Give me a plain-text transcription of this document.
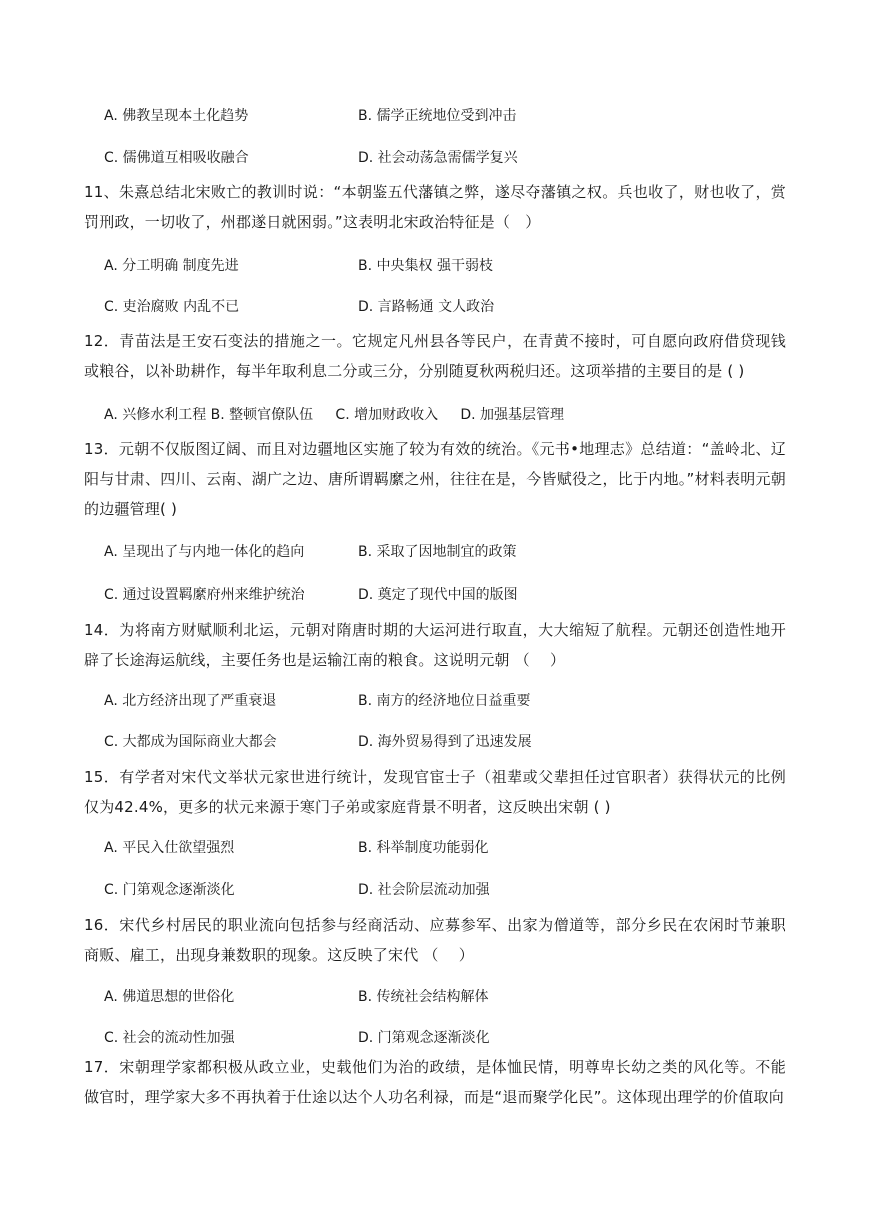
A. 佛教呈现本土化趋势	B. 儒学正统地位受到冲击
C. 儒佛道互相吸收融合	D. 社会动荡急需儒学复兴

11、朱熹总结北宋败亡的教训时说：“本朝鉴五代藩镇之弊，遂尽夺藩镇之权。兵也收了，财也收了，赏罚刑政，一切收了，州郡遂日就困弱。”这表明北宋政治特征是（　）

A. 分工明确 制度先进	B. 中央集权 强干弱枝
C. 吏治腐败 内乱不已	D. 言路畅通 文人政治

12．青苗法是王安石变法的措施之一。它规定凡州县各等民户，在青黄不接时，可自愿向政府借贷现钱或粮谷，以补助耕作，每半年取利息二分或三分，分别随夏秋两税归还。这项举措的主要目的是 ( )

A. 兴修水利工程 B. 整顿官僚队伍     C. 增加财政收入     D. 加强基层管理

13．元朝不仅版图辽阔、而且对边疆地区实施了较为有效的统治。《元书•地理志》总结道：“盖岭北、辽阳与甘肃、四川、云南、湖广之边、唐所谓羁縻之州，往往在是，今皆赋役之，比于内地。”材料表明元朝的边疆管理( )

A. 呈现出了与内地一体化的趋向	B. 采取了因地制宜的政策
C. 通过设置羁縻府州来维护统治	D. 奠定了现代中国的版图

14．为将南方财赋顺利北运，元朝对隋唐时期的大运河进行取直，大大缩短了航程。元朝还创造性地开辟了长途海运航线，主要任务也是运输江南的粮食。这说明元朝 （　 ）

A. 北方经济出现了严重衰退	B. 南方的经济地位日益重要
C. 大都成为国际商业大都会	D. 海外贸易得到了迅速发展

15．有学者对宋代文举状元家世进行统计，发现官宦士子（祖辈或父辈担任过官职者）获得状元的比例仅为42.4%，更多的状元来源于寒门子弟或家庭背景不明者，这反映出宋朝 ( )

A. 平民入仕欲望强烈	B. 科举制度功能弱化
C. 门第观念逐渐淡化	D. 社会阶层流动加强

16．宋代乡村居民的职业流向包括参与经商活动、应募参军、出家为僧道等，部分乡民在农闲时节兼职商贩、雇工，出现身兼数职的现象。这反映了宋代 （　 ）

A. 佛道思想的世俗化	B. 传统社会结构解体
C. 社会的流动性加强	D. 门第观念逐渐淡化

17．宋朝理学家都积极从政立业，史载他们为治的政绩，是体恤民情，明尊卑长幼之类的风化等。不能做官时，理学家大多不再执着于仕途以达个人功名利禄，而是“退而聚学化民”。这体现出理学的价值取向
